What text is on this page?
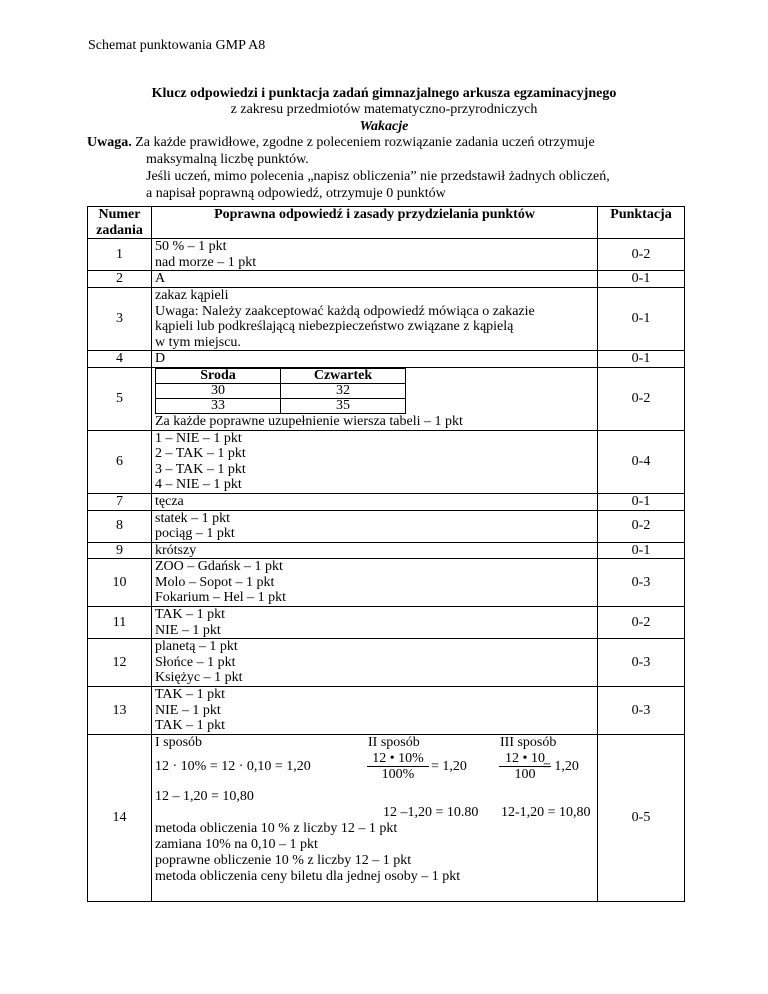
Schemat punktowania GMP A8
Klucz odpowiedzi i punktacja zadań gimnazjalnego arkusza egzaminacyjnego
z zakresu przedmiotów matematyczno-przyrodniczych
Wakacje
Uwaga. Za każde prawidłowe, zgodne z poleceniem rozwiązanie zadania uczeń otrzymuje
maksymalną liczbę punktów.
Jeśli uczeń, mimo polecenia „napisz obliczenia” nie przedstawił żadnych obliczeń,
a napisał poprawną odpowiedź, otrzymuje 0 punktów
Numer zadania	Poprawna odpowiedź i zasady przydzielania punktów	Punktacja
1	
50 % – 1 pkt
nad morze – 1 pkt
	0-2
2	A	0-1
3	
zakaz kąpieli
Uwaga: Należy zaakceptować każdą odpowiedź mówiąca o zakazie
kąpieli lub podkreślającą niebezpieczeństwo związane z kąpielą
w tym miejscu.
	0-1
4	D	0-1
5	
Środa	Czwartek
30	32
33	35
Za każde poprawne uzupełnienie wiersza tabeli – 1 pkt
	0-2
6	
1 – NIE – 1 pkt
2 – TAK – 1 pkt
3 – TAK – 1 pkt
4 – NIE – 1 pkt
	0-4
7	tęcza	0-1
8	
statek – 1 pkt
pociąg – 1 pkt
	0-2
9	krótszy	0-1
10	
ZOO – Gdańsk – 1 pkt
Molo – Sopot – 1 pkt
Fokarium – Hel – 1 pkt
	0-3
11	
TAK – 1 pkt
NIE – 1 pkt
	0-2
12	
planetą – 1 pkt
Słońce – 1 pkt
Księżyc – 1 pkt
	0-3
13	
TAK – 1 pkt
NIE – 1 pkt
TAK – 1 pkt
	0-3
14	
I sposób
12 · 10% = 12 · 0,10 = 1,20
12 – 1,20 = 10,80
II sposób
$\frac{12 • 10\%}{100\%} = 1,20$
12 –1,20 = 10.80
III sposób
$\frac{12 • 10}{100}$
= 1,20
12-1,20 = 10,80
metoda obliczenia 10 % z liczby 12 – 1 pkt
zamiana 10% na 0,10 – 1 pkt
poprawne obliczenie 10 % z liczby 12 – 1 pkt
metoda obliczenia ceny biletu dla jednej osoby – 1 pkt
	0-5
